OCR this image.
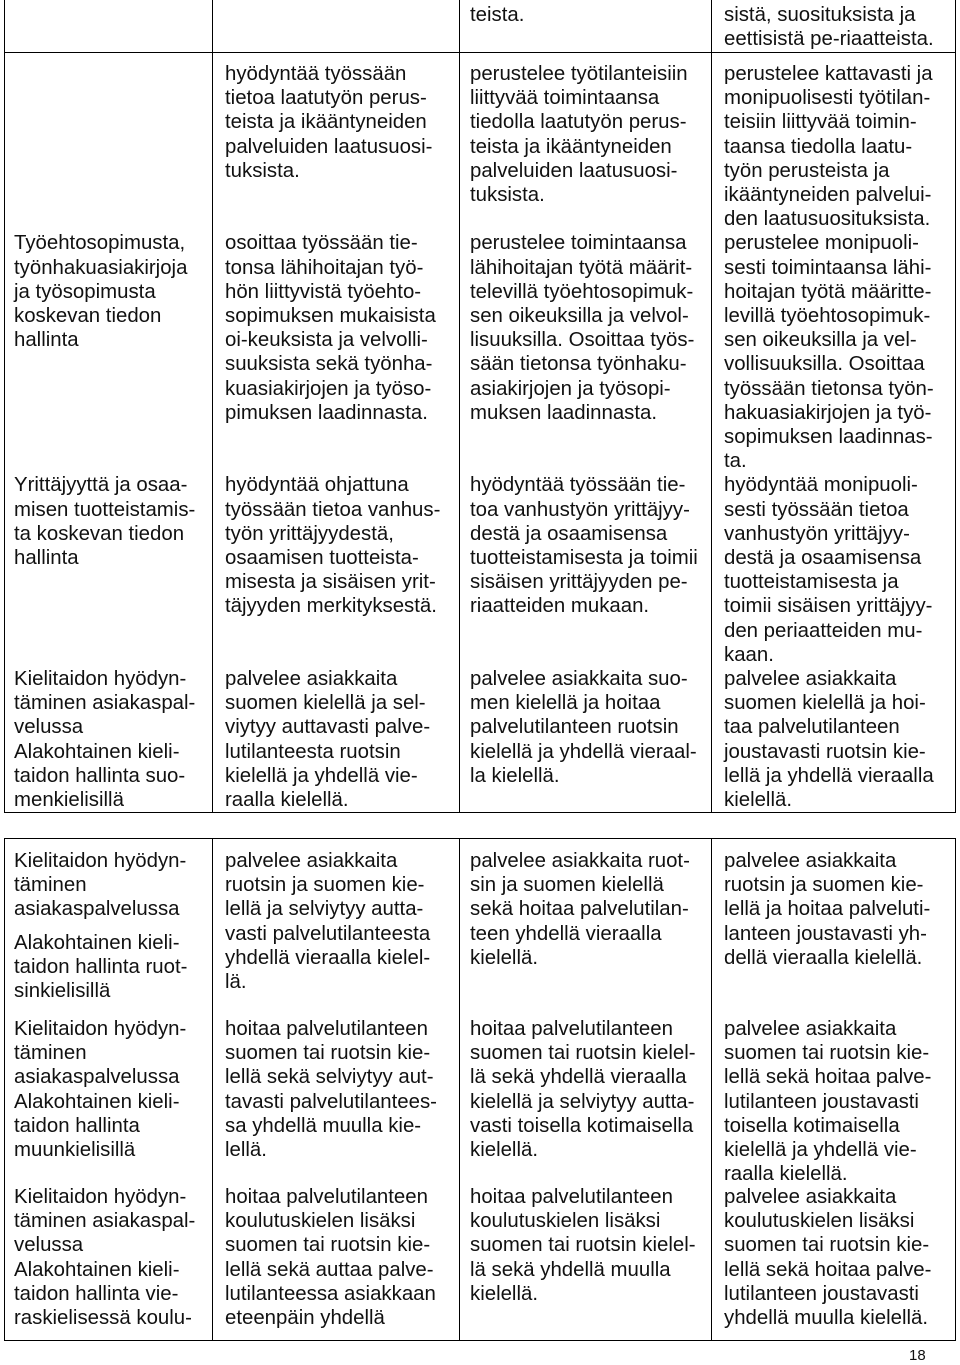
teista.	sistä, suosituksista ja
eettisistä pe-riaatteista.
hyödyntää työssään
tietoa laatutyön perus-
teista ja ikääntyneiden
palveluiden laatusuosi-
tuksista.
perustelee työtilanteisiin
liittyvää toimintaansa
tiedolla laatutyön perus-
teista ja ikääntyneiden
palveluiden laatusuosi-
tuksista.
perustelee kattavasti ja
monipuolisesti työtilan-
teisiin liittyvää toimin-
taansa tiedolla laatu-
työn perusteista ja
ikääntyneiden palvelui-
den laatusuosituksista.
Työehtosopimusta,
työnhakuasiakirjoja
ja työsopimusta
koskevan tiedon
hallinta
osoittaa työssään tie-
tonsa lähihoitajan työ-
hön liittyvistä työehto-
sopimuksen mukaisista
oi-keuksista ja velvolli-
suuksista sekä työnha-
kuasiakirjojen ja työso-
pimuksen laadinnasta.
perustelee toimintaansa
lähihoitajan työtä määrit-
televillä työehtosopimuk-
sen oikeuksilla ja velvol-
lisuuksilla. Osoittaa työs-
sään tietonsa työnhaku-
asiakirjojen ja työsopi-
muksen laadinnasta.
perustelee monipuoli-
sesti toimintaansa lähi-
hoitajan työtä määritte-
levillä työehtosopimuk-
sen oikeuksilla ja vel-
vollisuuksilla. Osoittaa
työssään tietonsa työn-
hakuasiakirjojen ja työ-
sopimuksen laadinnas-
ta.
Yrittäjyyttä ja osaa-
misen tuotteistamis-
ta koskevan tiedon
hallinta
hyödyntää ohjattuna
työssään tietoa vanhus-
työn yrittäjyydestä,
osaamisen tuotteista-
misesta ja sisäisen yrit-
täjyyden merkityksestä.
hyödyntää työssään tie-
toa vanhustyön yrittäjyy-
destä ja osaamisensa
tuotteistamisesta ja toimii
sisäisen yrittäjyyden pe-
riaatteiden mukaan.
hyödyntää monipuoli-
sesti työssään tietoa
vanhustyön yrittäjyy-
destä ja osaamisensa
tuotteistamisesta ja
toimii sisäisen yrittäjyy-
den periaatteiden mu-
kaan.
Kielitaidon hyödyn-
täminen asiakaspal-
velussa
Alakohtainen kieli-
taidon hallinta suo-
menkielisillä
palvelee asiakkaita
suomen kielellä ja sel-
viytyy auttavasti palve-
lutilanteesta ruotsin
kielellä ja yhdellä vie-
raalla kielellä.
palvelee asiakkaita suo-
men kielellä ja hoitaa
palvelutilanteen ruotsin
kielellä ja yhdellä vieraal-
la kielellä.
palvelee asiakkaita
suomen kielellä ja hoi-
taa palvelutilanteen
joustavasti ruotsin kie-
lellä ja yhdellä vieraalla
kielellä.
Kielitaidon hyödyn-
täminen
asiakaspalvelussa
Alakohtainen kieli-
taidon hallinta ruot-
sinkielisillä
palvelee asiakkaita
ruotsin ja suomen kie-
lellä ja selviytyy autta-
vasti palvelutilanteesta
yhdellä vieraalla kielel-
lä.
palvelee asiakkaita ruot-
sin ja suomen kielellä
sekä hoitaa palvelutilan-
teen yhdellä vieraalla
kielellä.
palvelee asiakkaita
ruotsin ja suomen kie-
lellä ja hoitaa palveluti-
lanteen joustavasti yh-
dellä vieraalla kielellä.
Kielitaidon hyödyn-
täminen
asiakaspalvelussa
Alakohtainen kieli-
taidon hallinta
muunkielisillä
hoitaa palvelutilanteen
suomen tai ruotsin kie-
lellä sekä selviytyy aut-
tavasti palvelutilantees-
sa yhdellä muulla kie-
lellä.
hoitaa palvelutilanteen
suomen tai ruotsin kielel-
lä sekä yhdellä vieraalla
kielellä ja selviytyy autta-
vasti toisella kotimaisella
kielellä.
palvelee asiakkaita
suomen tai ruotsin kie-
lellä sekä hoitaa palve-
lutilanteen joustavasti
toisella kotimaisella
kielellä ja yhdellä vie-
raalla kielellä.
Kielitaidon hyödyn-
täminen asiakaspal-
velussa
Alakohtainen kieli-
taidon hallinta vie-
raskielisessä koulu-
hoitaa palvelutilanteen
koulutuskielen lisäksi
suomen tai ruotsin kie-
lellä sekä auttaa palve-
lutilanteessa asiakkaan
eteenpäin yhdellä
hoitaa palvelutilanteen
koulutuskielen lisäksi
suomen tai ruotsin kielel-
lä sekä yhdellä muulla
kielellä.
palvelee asiakkaita
koulutuskielen lisäksi
suomen tai ruotsin kie-
lellä sekä hoitaa palve-
lutilanteen joustavasti
yhdellä muulla kielellä.
18
